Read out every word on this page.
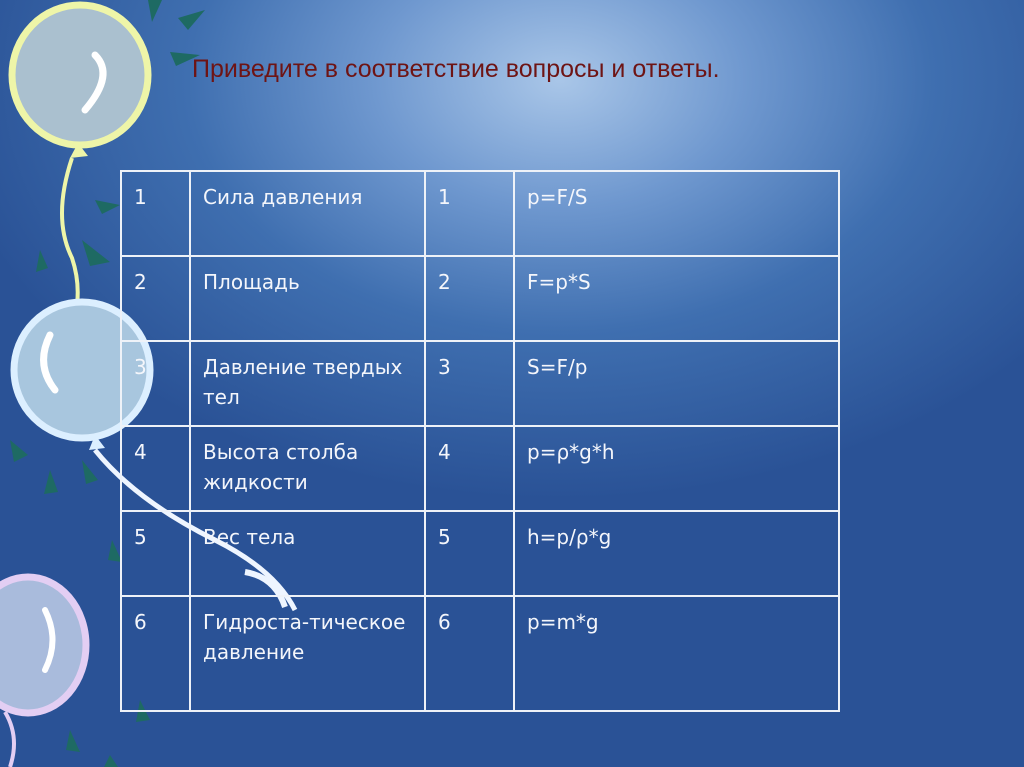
Приведите в соответствие вопросы и ответы.
1	Сила давления	1	p=F/S
2	Площадь	2	F=p*S
3	Давление твердых тел	3	S=F/p
4	Высота столба жидкости	4	p=ρ*g*h
5	Вес тела	5	h=p/ρ*g
6	Гидроста-тическое давление	6	p=m*g
